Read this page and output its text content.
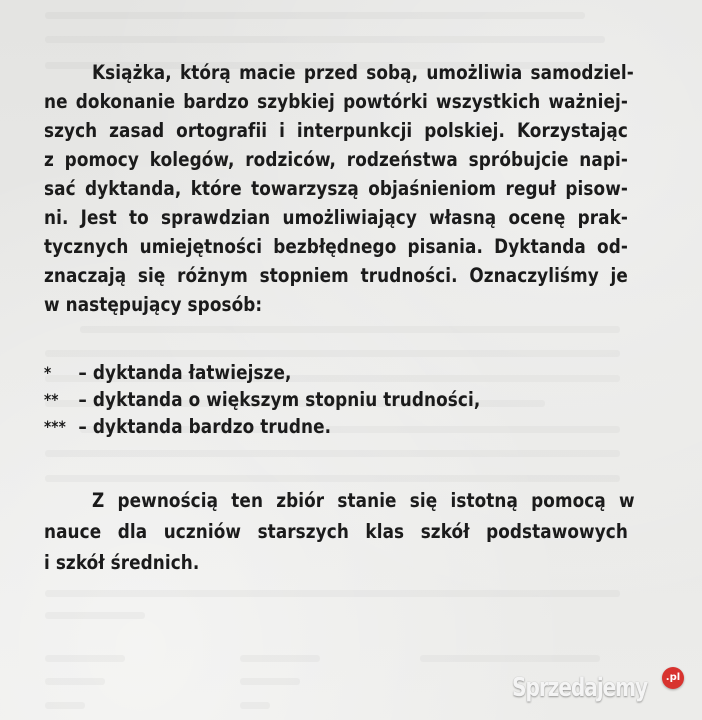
Książka, którą macie przed sobą, umożliwia samodziel-
ne dokonanie bardzo szybkiej powtórki wszystkich ważniej-
szych zasad ortografii i interpunkcji polskiej. Korzystając
z pomocy kolegów, rodziców, rodzeństwa spróbujcie napi-
sać dyktanda, które towarzyszą objaśnieniom reguł pisow-
ni. Jest to sprawdzian umożliwiający własną ocenę prak-
tycznych umiejętności bezbłędnego pisania. Dyktanda od-
znaczają się różnym stopniem trudności. Oznaczyliśmy je
w następujący sposób:
* – dyktanda łatwiejsze,
** – dyktanda o większym stopniu trudności,
*** – dyktanda bardzo trudne.
Z pewnością ten zbiór stanie się istotną pomocą w
nauce dla uczniów starszych klas szkół podstawowych
i szkół średnich.
Sprzedajemy	.pl
